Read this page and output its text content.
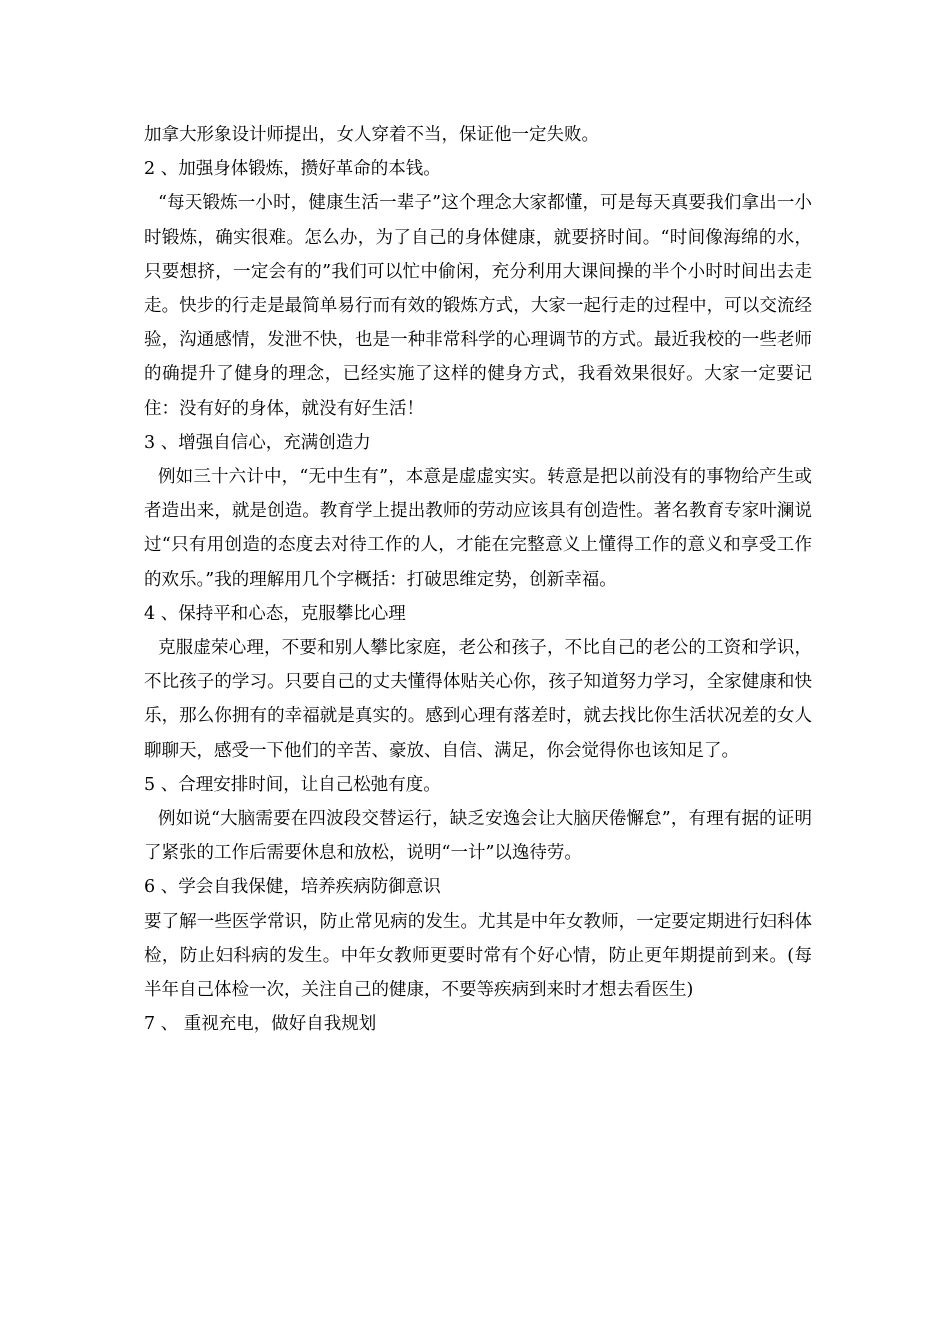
加拿大形象设计师提出，女人穿着不当，保证他一定失败。
2 、加强身体锻炼，攒好革命的本钱。

“每天锻炼一小时，健康生活一辈子”这个理念大家都懂，可是每天真要我们拿出一小时锻炼，确实很难。怎么办，为了自己的身体健康，就要挤时间。“时间像海绵的水，只要想挤，一定会有的”我们可以忙中偷闲，充分利用大课间操的半个小时时间出去走走。快步的行走是最简单易行而有效的锻炼方式，大家一起行走的过程中，可以交流经验，沟通感情，发泄不快，也是一种非常科学的心理调节的方式。最近我校的一些老师的确提升了健身的理念，已经实施了这样的健身方式，我看效果很好。大家一定要记住：没有好的身体，就没有好生活！

3 、增强自信心，充满创造力

例如三十六计中，“无中生有”，本意是虚虚实实。转意是把以前没有的事物给产生或者造出来，就是创造。教育学上提出教师的劳动应该具有创造性。著名教育专家叶澜说过“只有用创造的态度去对待工作的人，才能在完整意义上懂得工作的意义和享受工作的欢乐。”我的理解用几个字概括：打破思维定势，创新幸福。

4 、保持平和心态，克服攀比心理

克服虚荣心理，不要和别人攀比家庭，老公和孩子，不比自己的老公的工资和学识，不比孩子的学习。只要自己的丈夫懂得体贴关心你，孩子知道努力学习，全家健康和快乐，那么你拥有的幸福就是真实的。感到心理有落差时，就去找比你生活状况差的女人聊聊天，感受一下他们的辛苦、豪放、自信、满足，你会觉得你也该知足了。

5 、合理安排时间，让自己松弛有度。

例如说“大脑需要在四波段交替运行，缺乏安逸会让大脑厌倦懈怠”，有理有据的证明了紧张的工作后需要休息和放松，说明“一计”以逸待劳。

6 、学会自我保健，培养疾病防御意识

要了解一些医学常识，防止常见病的发生。尤其是中年女教师，一定要定期进行妇科体检，防止妇科病的发生。中年女教师更要时常有个好心情，防止更年期提前到来。(每半年自己体检一次，关注自己的健康，不要等疾病到来时才想去看医生)

7 、 重视充电，做好自我规划
